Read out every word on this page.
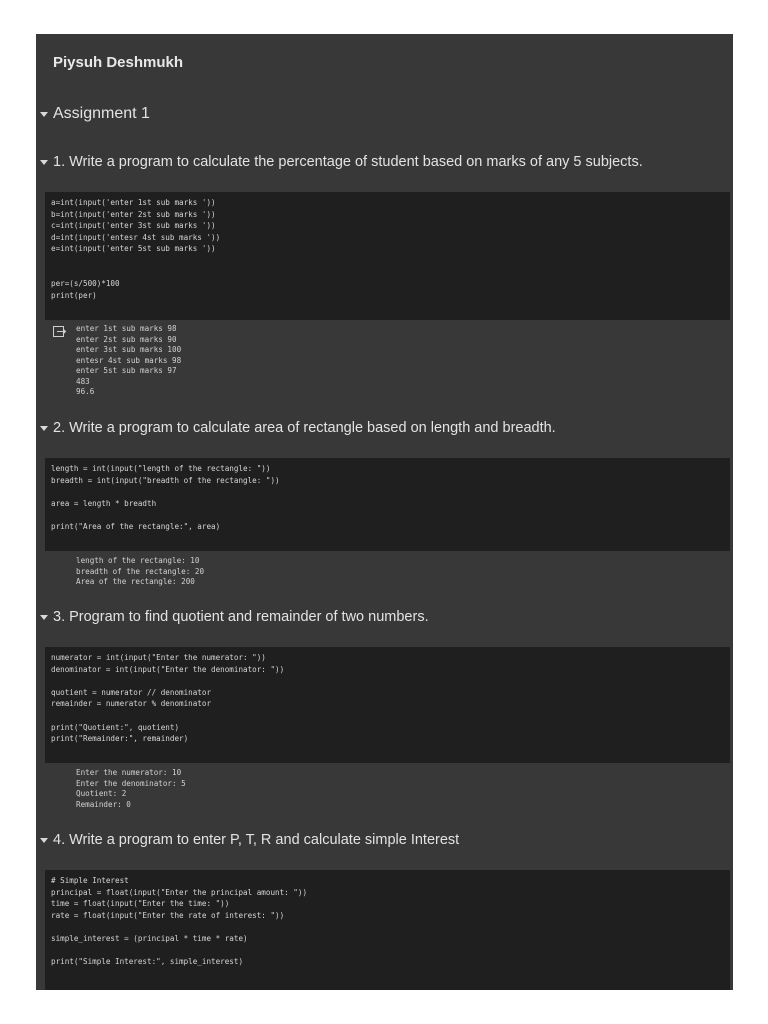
Piysuh Deshmukh
Assignment 1
1. Write a program to calculate the percentage of student based on marks of any 5 subjects.
a=int(input('enter 1st sub marks '))
b=int(input('enter 2st sub marks '))
c=int(input('enter 3st sub marks '))
d=int(input('entesr 4st sub marks '))
e=int(input('enter 5st sub marks '))

per=(s/500)*100
print(per)
enter 1st sub marks 98
enter 2st sub marks 90
enter 3st sub marks 100
entesr 4st sub marks 98
enter 5st sub marks 97
483
96.6
2. Write a program to calculate area of rectangle based on length and breadth.
length = int(input("length of the rectangle: "))
breadth = int(input("breadth of the rectangle: "))

area = length * breadth

print("Area of the rectangle:", area)
length of the rectangle: 10
breadth of the rectangle: 20
Area of the rectangle: 200
3. Program to find quotient and remainder of two numbers.
numerator = int(input("Enter the numerator: "))
denominator = int(input("Enter the denominator: "))

quotient = numerator // denominator
remainder = numerator % denominator

print("Quotient:", quotient)
print("Remainder:", remainder)
Enter the numerator: 10
Enter the denominator: 5
Quotient: 2
Remainder: 0
4. Write a program to enter P, T, R and calculate simple Interest
# Simple Interest
principal = float(input("Enter the principal amount: "))
time = float(input("Enter the time: "))
rate = float(input("Enter the rate of interest: "))

simple_interest = (principal * time * rate)

print("Simple Interest:", simple_interest)
